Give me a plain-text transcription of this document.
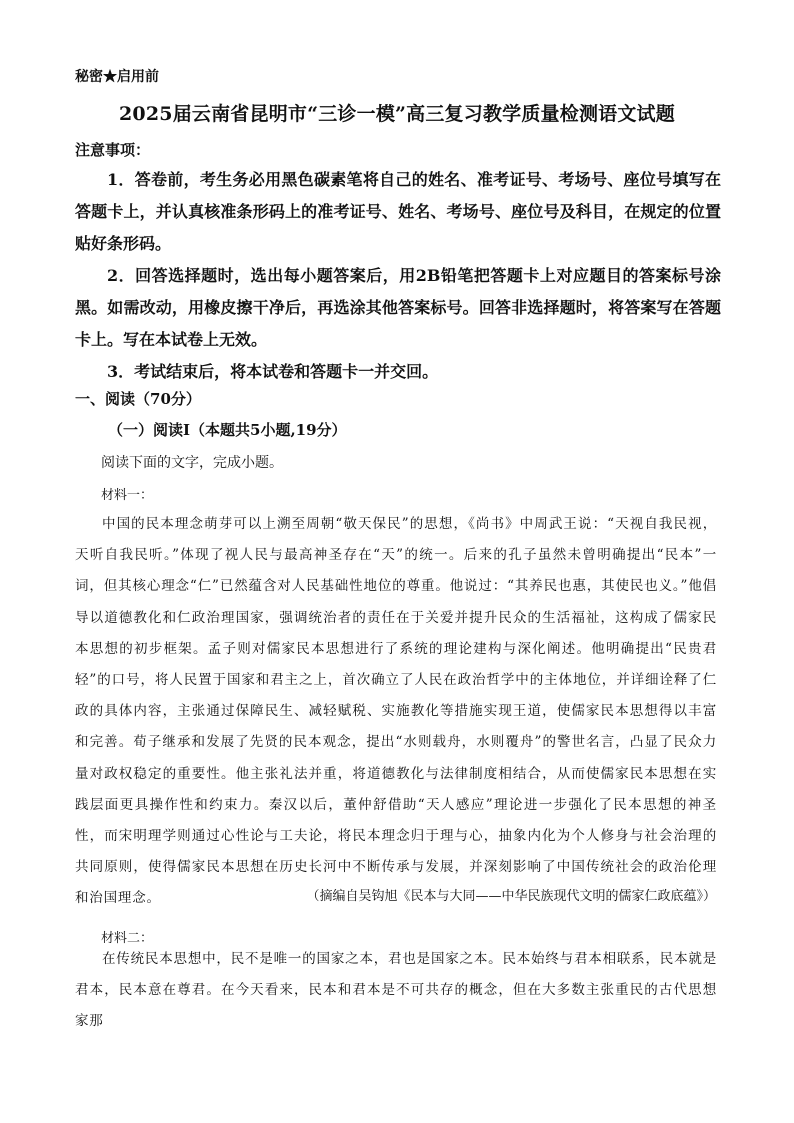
秘密★启用前
2025届云南省昆明市“三诊一模”高三复习教学质量检测语文试题
注意事项：

1．答卷前，考生务必用黑色碳素笔将自己的姓名、准考证号、考场号、座位号填写在答题卡上，并认真核准条形码上的准考证号、姓名、考场号、座位号及科目，在规定的位置贴好条形码。

2．回答选择题时，选出每小题答案后，用2B铅笔把答题卡上对应题目的答案标号涂黑。如需改动，用橡皮擦干净后，再选涂其他答案标号。回答非选择题时，将答案写在答题卡上。写在本试卷上无效。

3．考试结束后，将本试卷和答题卡一并交回。

一、阅读（70分）
（一）阅读Ⅰ（本题共5小题,19分）
阅读下面的文字，完成小题。
材料一：

中国的民本理念萌芽可以上溯至周朝“敬天保民”的思想，《尚书》中周武王说：“天视自我民视，天听自我民听。”体现了视人民与最高神圣存在“天”的统一。后来的孔子虽然未曾明确提出“民本”一词，但其核心理念“仁”已然蕴含对人民基础性地位的尊重。他说过：“其养民也惠，其使民也义。”他倡导以道德教化和仁政治理国家，强调统治者的责任在于关爱并提升民众的生活福祉，这构成了儒家民本思想的初步框架。孟子则对儒家民本思想进行了系统的理论建构与深化阐述。他明确提出“民贵君轻”的口号，将人民置于国家和君主之上，首次确立了人民在政治哲学中的主体地位，并详细诠释了仁政的具体内容，主张通过保障民生、减轻赋税、实施教化等措施实现王道，使儒家民本思想得以丰富和完善。荀子继承和发展了先贤的民本观念，提出“水则载舟，水则覆舟”的警世名言，凸显了民众力量对政权稳定的重要性。他主张礼法并重，将道德教化与法律制度相结合，从而使儒家民本思想在实践层面更具操作性和约束力。秦汉以后，董仲舒借助“天人感应”理论进一步强化了民本思想的神圣性，而宋明理学则通过心性论与工夫论，将民本理念归于理与心，抽象内化为个人修身与社会治理的共同原则，使得儒家民本思想在历史长河中不断传承与发展，并深刻影响了中国传统社会的政治伦理和治国理念。	（摘编自吴钩旭《民本与大同——中华民族现代文明的儒家仁政底蕴》）
材料二：

在传统民本思想中，民不是唯一的国家之本，君也是国家之本。民本始终与君本相联系，民本就是君本，民本意在尊君。在今天看来，民本和君本是不可共存的概念，但在大多数主张重民的古代思想家那
